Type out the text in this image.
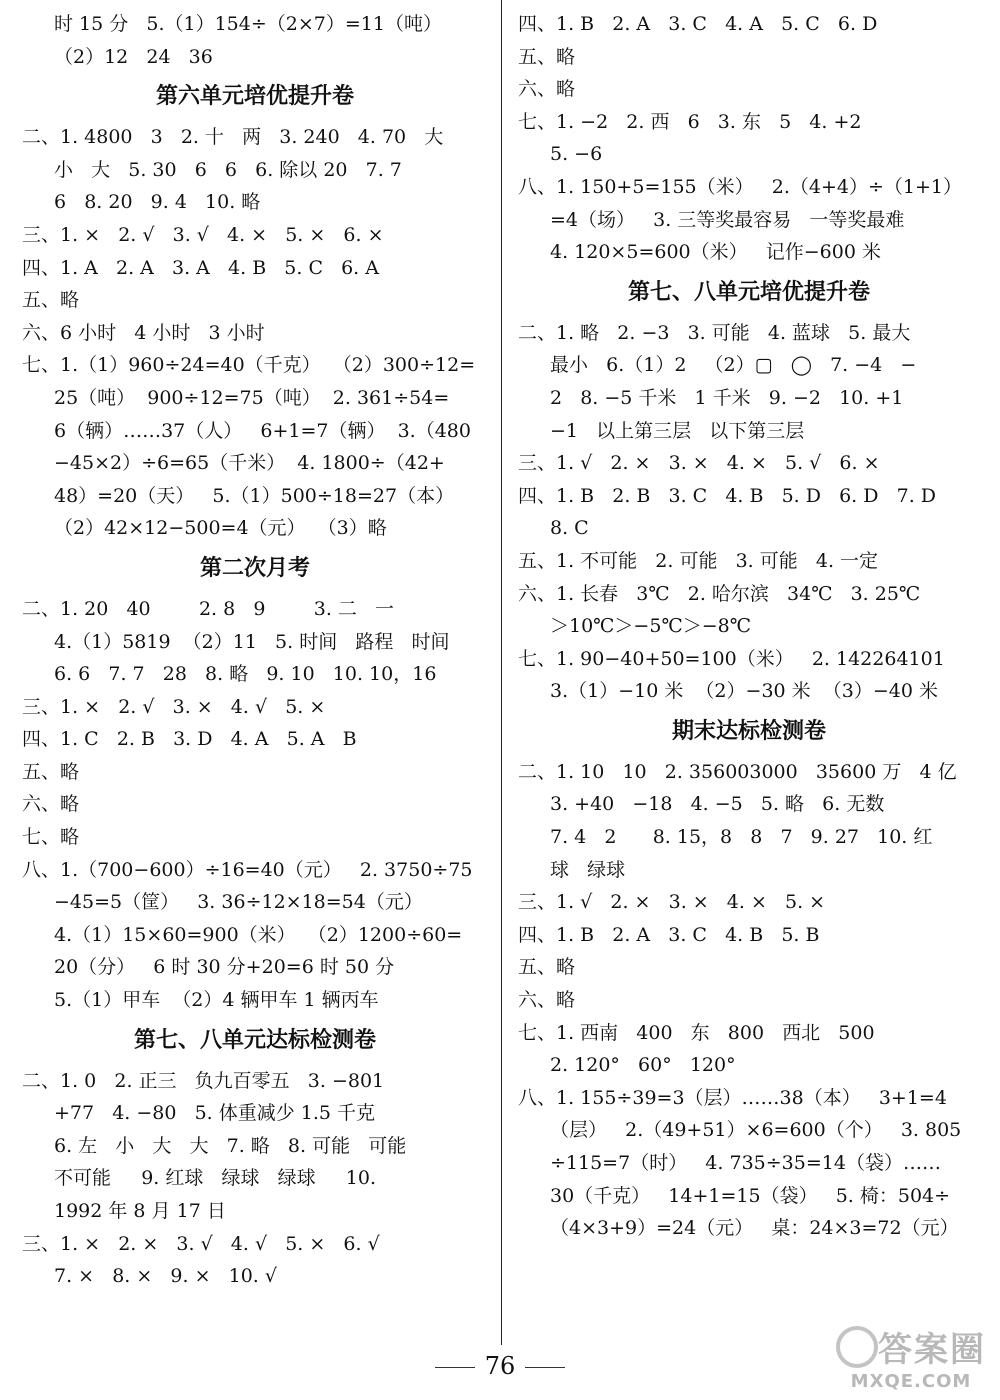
时 15 分   5.（1）154÷（2×7）=11（吨）
（2）12   24   36
第六单元培优提升卷
二、1. 4800   3   2. 十   两   3. 240   4. 70   大
小   大   5. 30   6   6   6. 除以 20   7. 7
6   8. 20   9. 4   10. 略
三、1. ×   2. √   3. √   4. ×   5. ×   6. ×
四、1. A   2. A   3. A   4. B   5. C   6. A
五、略
六、6 小时   4 小时   3 小时
七、1.（1）960÷24=40（千克）  （2）300÷12=
25（吨）  900÷12=75（吨）  2. 361÷54=
6（辆）……37（人）   6+1=7（辆）  3.（480
−45×2）÷6=65（千米）  4. 1800÷（42+
48）=20（天）   5.（1）500÷18=27（本）
（2）42×12−500=4（元）  （3）略
第二次月考
二、1. 20   40        2. 8   9        3. 二   一
4.（1）5819  （2）11   5. 时间   路程   时间
6. 6   7. 7   28   8. 略   9. 10   10. 10，16
三、1. ×   2. √   3. ×   4. √   5. ×
四、1. C   2. B   3. D   4. A   5. A   B
五、略
六、略
七、略
八、1.（700−600）÷16=40（元）   2. 3750÷75
−45=5（筐）   3. 36÷12×18=54（元）
4.（1）15×60=900（米）  （2）1200÷60=
20（分）   6 时 30 分+20=6 时 50 分
5.（1）甲车  （2）4 辆甲车 1 辆丙车
第七、八单元达标检测卷
二、1. 0   2. 正三   负九百零五   3. −801
+77   4. −80   5. 体重减少 1.5 千克
6. 左   小   大   大   7. 略   8. 可能   可能
不可能     9. 红球   绿球   绿球     10.
1992 年 8 月 17 日
三、1. ×   2. ×   3. √   4. √   5. ×   6. √
7. ×   8. ×   9. ×   10. √
四、1. B   2. A   3. C   4. A   5. C   6. D
五、略
六、略
七、1. −2   2. 西   6   3. 东   5   4. +2
5. −6
八、1. 150+5=155（米）   2.（4+4）÷（1+1）
=4（场）   3. 三等奖最容易   一等奖最难
4. 120×5=600（米）   记作−600 米
第七、八单元培优提升卷
二、1. 略   2. −3   3. 可能   4. 蓝球   5. 最大
最小   6.（1）2   （2）▢   ◯   7. −4   −
2   8. −5 千米   1 千米   9. −2   10. +1
−1   以上第三层   以下第三层
三、1. √   2. ×   3. ×   4. ×   5. √   6. ×
四、1. B   2. B   3. C   4. B   5. D   6. D   7. D
8. C
五、1. 不可能   2. 可能   3. 可能   4. 一定
六、1. 长春   3℃   2. 哈尔滨   34℃   3. 25℃
＞10℃＞−5℃＞−8℃
七、1. 90−40+50=100（米）   2. 142264101
3.（1）−10 米  （2）−30 米  （3）−40 米
期末达标检测卷
二、1. 10   10   2. 356003000   35600 万   4 亿
3. +40   −18   4. −5   5. 略   6. 无数
7. 4   2      8. 15，8   8   7   9. 27   10. 红
球   绿球
三、1. √   2. ×   3. ×   4. ×   5. ×
四、1. B   2. A   3. C   4. B   5. B
五、略
六、略
七、1. 西南   400   东   800   西北   500
2. 120°   60°   120°
八、1. 155÷39=3（层）……38（本）   3+1=4
（层）   2.（49+51）×6=600（个）   3. 805
÷115=7（时）   4. 735÷35=14（袋）……
30（千克）   14+1=15（袋）   5. 椅：504÷
（4×3+9）=24（元）   桌：24×3=72（元）
76	答案圈
MXQE.COM
